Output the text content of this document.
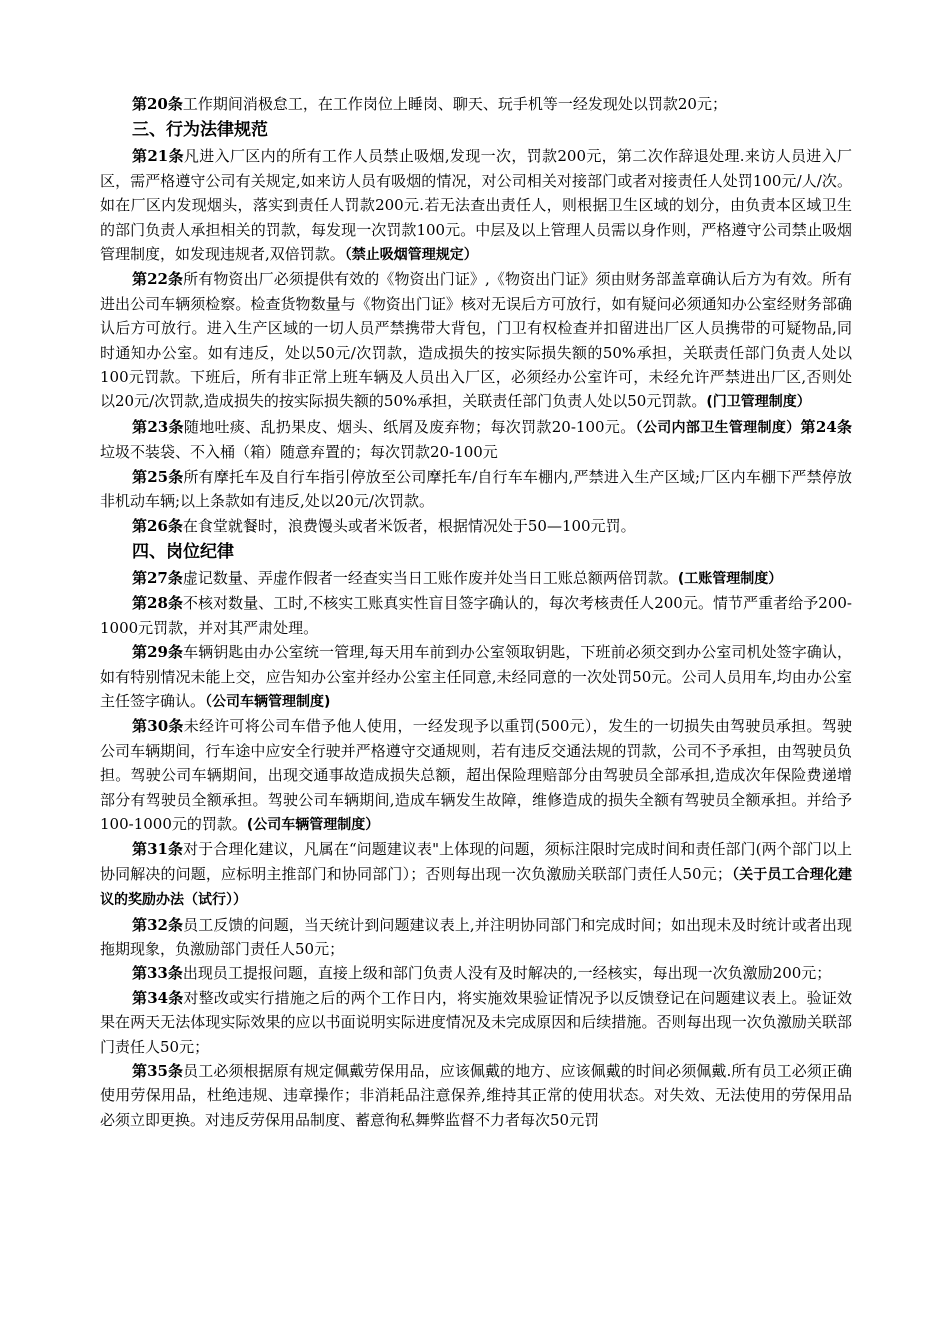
第20条工作期间消极怠工，在工作岗位上睡岗、聊天、玩手机等一经发现处以罚款20元；

三、行为法律规范

第21条凡进入厂区内的所有工作人员禁止吸烟,发现一次，罚款200元，第二次作辞退处理.来访人员进入厂区，需严格遵守公司有关规定,如来访人员有吸烟的情况，对公司相关对接部门或者对接责任人处罚100元/人/次。如在厂区内发现烟头，落实到责任人罚款200元.若无法查出责任人，则根据卫生区域的划分，由负责本区域卫生的部门负责人承担相关的罚款，每发现一次罚款100元。中层及以上管理人员需以身作则，严格遵守公司禁止吸烟管理制度，如发现违规者,双倍罚款。（禁止吸烟管理规定）

第22条所有物资出厂必须提供有效的《物资出门证》,《物资出门证》须由财务部盖章确认后方为有效。所有进出公司车辆须检察。检查货物数量与《物资出门证》核对无误后方可放行，如有疑问必须通知办公室经财务部确认后方可放行。进入生产区域的一切人员严禁携带大背包，门卫有权检查并扣留进出厂区人员携带的可疑物品,同时通知办公室。如有违反，处以50元/次罚款，造成损失的按实际损失额的50%承担，关联责任部门负责人处以100元罚款。下班后，所有非正常上班车辆及人员出入厂区，必须经办公室许可，未经允许严禁进出厂区,否则处以20元/次罚款,造成损失的按实际损失额的50%承担，关联责任部门负责人处以50元罚款。(门卫管理制度）

第23条随地吐痰、乱扔果皮、烟头、纸屑及废弃物；每次罚款20-100元。（公司内部卫生管理制度）第24条垃圾不装袋、不入桶（箱）随意弃置的；每次罚款20-100元

第25条所有摩托车及自行车指引停放至公司摩托车/自行车车棚内,严禁进入生产区域;厂区内车棚下严禁停放非机动车辆;以上条款如有违反,处以20元/次罚款。

第26条在食堂就餐时，浪费馒头或者米饭者，根据情况处于50—100元罚。

四、岗位纪律

第27条虚记数量、弄虚作假者一经查实当日工账作废并处当日工账总额两倍罚款。(工账管理制度）

第28条不核对数量、工时,不核实工账真实性盲目签字确认的，每次考核责任人200元。情节严重者给予200-1000元罚款，并对其严肃处理。

第29条车辆钥匙由办公室统一管理,每天用车前到办公室领取钥匙，下班前必须交到办公室司机处签字确认，如有特别情况未能上交，应告知办公室并经办公室主任同意,未经同意的一次处罚50元。公司人员用车,均由办公室主任签字确认。（公司车辆管理制度)

第30条未经许可将公司车借予他人使用，一经发现予以重罚(500元），发生的一切损失由驾驶员承担。驾驶公司车辆期间，行车途中应安全行驶并严格遵守交通规则，若有违反交通法规的罚款，公司不予承担，由驾驶员负担。驾驶公司车辆期间，出现交通事故造成损失总额，超出保险理赔部分由驾驶员全部承担,造成次年保险费递增部分有驾驶员全额承担。驾驶公司车辆期间,造成车辆发生故障，维修造成的损失全额有驾驶员全额承担。并给予100-1000元的罚款。(公司车辆管理制度）

第31条对于合理化建议，凡属在“问题建议表"上体现的问题，须标注限时完成时间和责任部门(两个部门以上协同解决的问题，应标明主推部门和协同部门）；否则每出现一次负激励关联部门责任人50元；（关于员工合理化建议的奖励办法（试行））

第32条员工反馈的问题，当天统计到问题建议表上,并注明协同部门和完成时间；如出现未及时统计或者出现拖期现象，负激励部门责任人50元；

第33条出现员工提报问题，直接上级和部门负责人没有及时解决的,一经核实，每出现一次负激励200元；

第34条对整改或实行措施之后的两个工作日内，将实施效果验证情况予以反馈登记在问题建议表上。验证效果在两天无法体现实际效果的应以书面说明实际进度情况及未完成原因和后续措施。否则每出现一次负激励关联部门责任人50元；

第35条员工必须根据原有规定佩戴劳保用品，应该佩戴的地方、应该佩戴的时间必须佩戴.所有员工必须正确使用劳保用品，杜绝违规、违章操作；非消耗品注意保养,维持其正常的使用状态。对失效、无法使用的劳保用品必须立即更换。对违反劳保用品制度、蓄意徇私舞弊监督不力者每次50元罚
